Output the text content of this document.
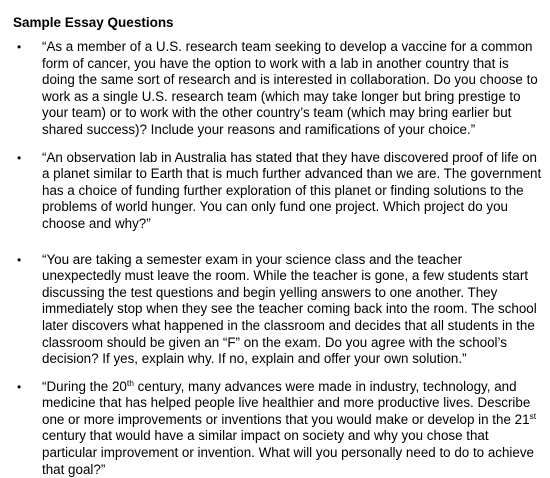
Sample Essay Questions
• “As a member of a U.S. research team seeking to develop a vaccine for a common form of cancer, you have the option to work with a lab in another country that is doing the same sort of research and is interested in collaboration. Do you choose to work as a single U.S. research team (which may take longer but bring prestige to your team) or to work with the other country’s team (which may bring earlier but shared success)? Include your reasons and ramifications of your choice.”
• “An observation lab in Australia has stated that they have discovered proof of life on a planet similar to Earth that is much further advanced than we are. The government has a choice of funding further exploration of this planet or finding solutions to the problems of world hunger. You can only fund one project. Which project do you choose and why?”
• “You are taking a semester exam in your science class and the teacher unexpectedly must leave the room. While the teacher is gone, a few students start discussing the test questions and begin yelling answers to one another. They immediately stop when they see the teacher coming back into the room. The school later discovers what happened in the classroom and decides that all students in the classroom should be given an “F” on the exam. Do you agree with the school’s decision? If yes, explain why. If no, explain and offer your own solution.”
• “During the 20th century, many advances were made in industry, technology, and medicine that has helped people live healthier and more productive lives. Describe one or more improvements or inventions that you would make or develop in the 21st century that would have a similar impact on society and why you chose that particular improvement or invention. What will you personally need to do to achieve that goal?”
